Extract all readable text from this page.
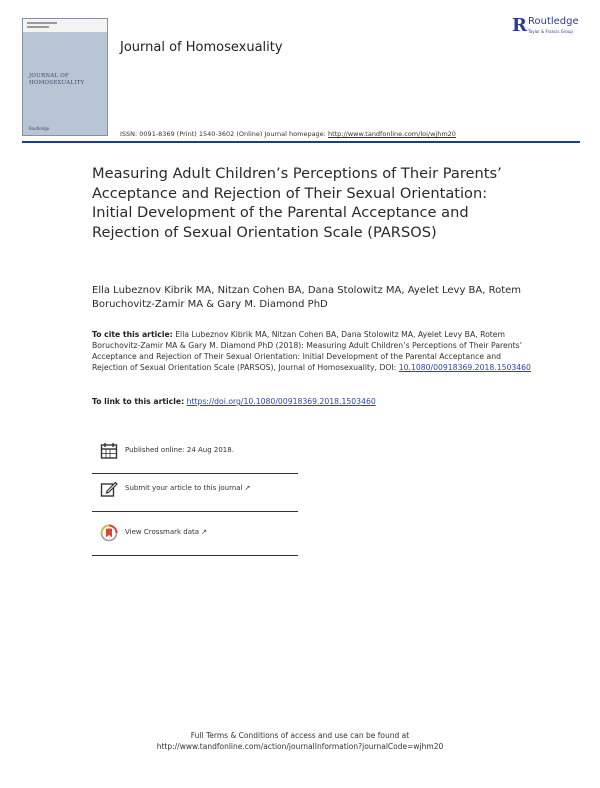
JOURNAL OF HOMOSEXUALITY
Routledge
Journal of Homosexuality
R Routledge
Taylor & Francis Group
ISSN: 0091-8369 (Print) 1540-3602 (Online) Journal homepage: http://www.tandfonline.com/loi/wjhm20
Measuring Adult Children’s Perceptions of Their Parents’ Acceptance and Rejection of Their Sexual Orientation: Initial Development of the Parental Acceptance and Rejection of Sexual Orientation Scale (PARSOS)
Ella Lubeznov Kibrik MA, Nitzan Cohen BA, Dana Stolowitz MA, Ayelet Levy BA, Rotem Boruchovitz-Zamir MA & Gary M. Diamond PhD
To cite this article: Ella Lubeznov Kibrik MA, Nitzan Cohen BA, Dana Stolowitz MA, Ayelet Levy BA, Rotem Boruchovitz-Zamir MA & Gary M. Diamond PhD (2018): Measuring Adult Children’s Perceptions of Their Parents’ Acceptance and Rejection of Their Sexual Orientation: Initial Development of the Parental Acceptance and Rejection of Sexual Orientation Scale (PARSOS), Journal of Homosexuality, DOI: 10.1080/00918369.2018.1503460
To link to this article: https://doi.org/10.1080/00918369.2018.1503460
Published online: 24 Aug 2018.
Submit your article to this journal ↗
View Crossmark data ↗
Full Terms & Conditions of access and use can be found at
http://www.tandfonline.com/action/journalInformation?journalCode=wjhm20
